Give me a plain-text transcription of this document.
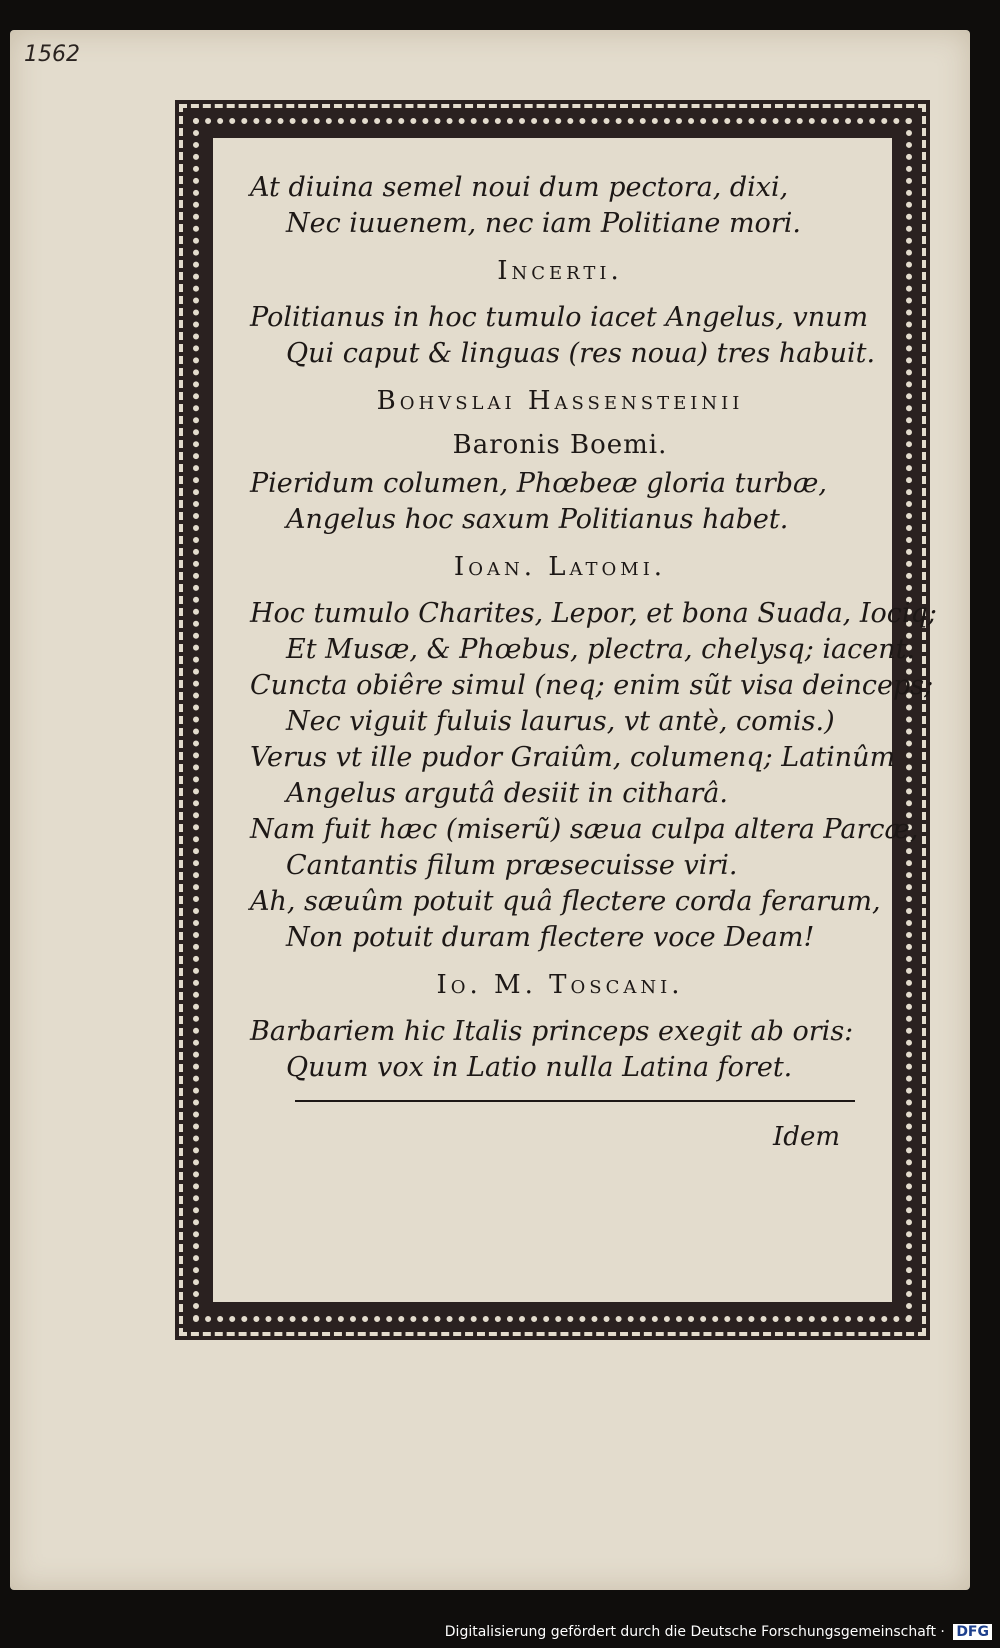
1562
At diuina semel noui dum pectora, dixi,
Nec iuuenem, nec iam Politiane mori.
Incerti.
Politianus in hoc tumulo iacet Angelus, vnum
Qui caput & linguas (res noua) tres habuit.
Bohvslai Hassensteinii
Baronis Boemi.
Pieridum columen, Phœbeæ gloria turbæ,
Angelus hoc saxum Politianus habet.
Ioan. Latomi.
Hoc tumulo Charites, Lepor, et bona Suada, Iociq;
Et Musæ, & Phœbus, plectra, chelysq; iacent.
Cuncta obiêre simul (neq; enim sũt visa deinceps;
Nec viguit fuluis laurus, vt antè, comis.)
Verus vt ille pudor Graiûm, columenq; Latinûm
Angelus argutâ desiit in citharâ.
Nam fuit hæc (miserũ) sæua culpa altera Parcæ,
Cantantis filum præsecuisse viri.
Ah, sæuûm potuit quâ flectere corda ferarum,
Non potuit duram flectere voce Deam!
Io. M. Toscani.
Barbariem hic Italis princeps exegit ab oris:
Quum vox in Latio nulla Latina foret.
Idem
Digitalisierung gefördert durch die Deutsche Forschungsgemeinschaft · DFG
